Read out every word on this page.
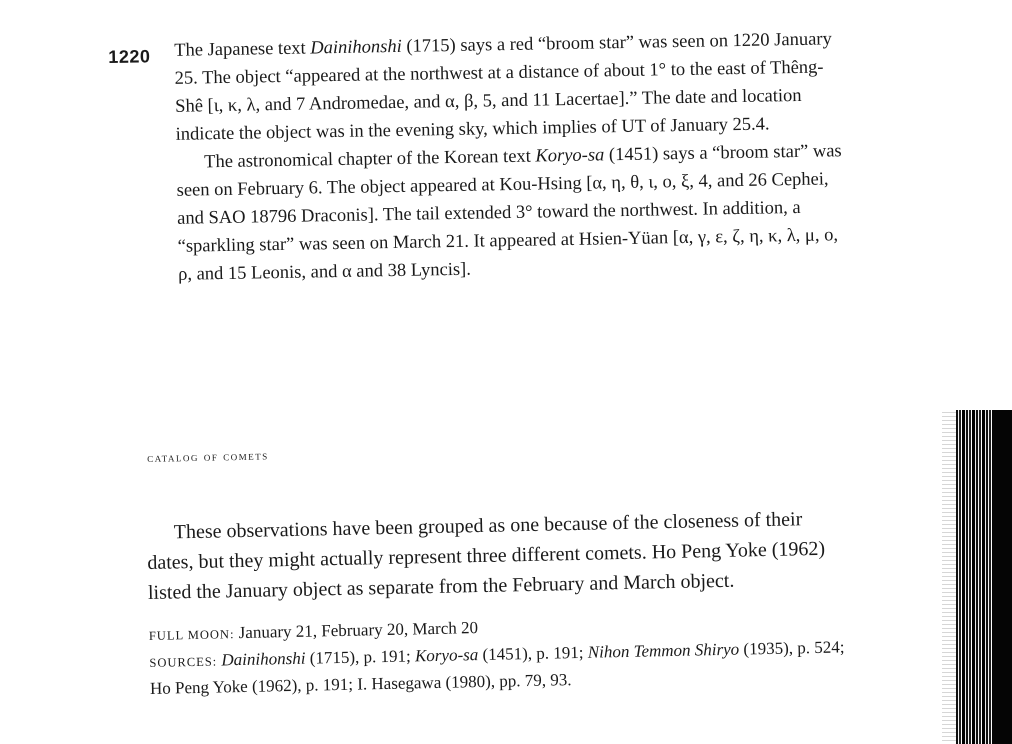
1220 The Japanese text Dainihonshi (1715) says a red “broom star” was seen on 1220 January 25. The object “appeared at the northwest at a distance of about 1° to the east of Thêng-Shê [ι, κ, λ, and 7 Andromedae, and α, β, 5, and 11 Lacertae].” The date and location indicate the object was in the evening sky, which implies of UT of January 25.4.

The astronomical chapter of the Korean text Koryo-sa (1451) says a “broom star” was seen on February 6. The object appeared at Kou-Hsing [α, η, θ, ι, ο, ξ, 4, and 26 Cephei, and SAO 18796 Draconis]. The tail extended 3° toward the northwest. In addition, a “sparkling star” was seen on March 21. It appeared at Hsien-Yüan [α, γ, ε, ζ, η, κ, λ, μ, ο, ρ, and 15 Leonis, and α and 38 Lyncis].

catalog of comets

These observations have been grouped as one because of the closeness of their dates, but they might actually represent three different comets. Ho Peng Yoke (1962) listed the January object as separate from the February and March object.

FULL MOON: January 21, February 20, March 20
SOURCES: Dainihonshi (1715), p. 191; Koryo-sa (1451), p. 191; Nihon Temmon Shiryo (1935), p. 524; Ho Peng Yoke (1962), p. 191; I. Hasegawa (1980), pp. 79, 93.
